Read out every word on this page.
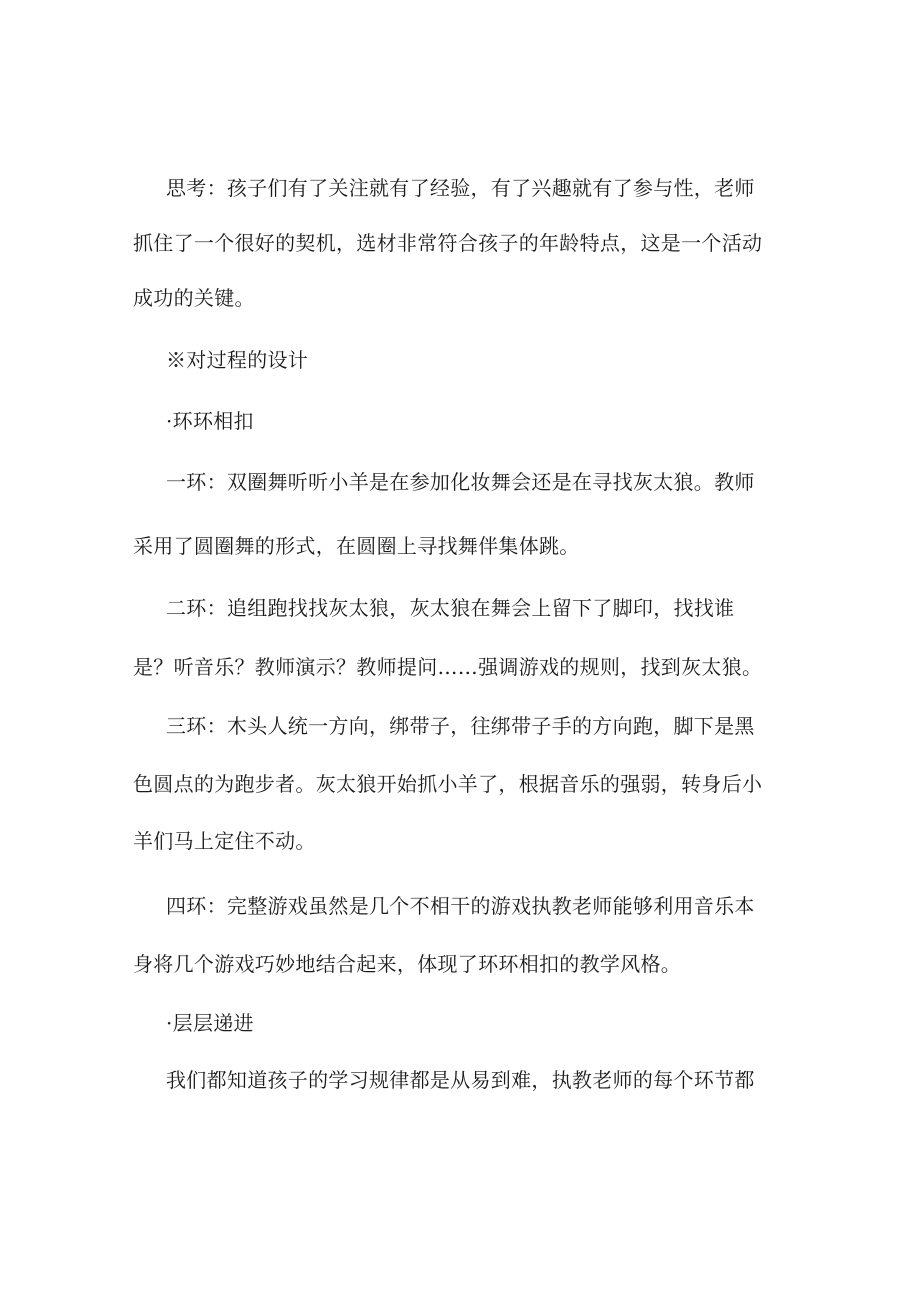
思考：孩子们有了关注就有了经验，有了兴趣就有了参与性，老师
抓住了一个很好的契机，选材非常符合孩子的年龄特点，这是一个活动
成功的关键。
※对过程的设计
·环环相扣
一环：双圈舞听听小羊是在参加化妆舞会还是在寻找灰太狼。教师
采用了圆圈舞的形式，在圆圈上寻找舞伴集体跳。
二环：追组跑找找灰太狼，灰太狼在舞会上留下了脚印，找找谁
是？听音乐？教师演示？教师提问……强调游戏的规则，找到灰太狼。
三环：木头人统一方向，绑带子，往绑带子手的方向跑，脚下是黑
色圆点的为跑步者。灰太狼开始抓小羊了，根据音乐的强弱，转身后小
羊们马上定住不动。
四环：完整游戏虽然是几个不相干的游戏执教老师能够利用音乐本
身将几个游戏巧妙地结合起来，体现了环环相扣的教学风格。
·层层递进
我们都知道孩子的学习规律都是从易到难，执教老师的每个环节都
